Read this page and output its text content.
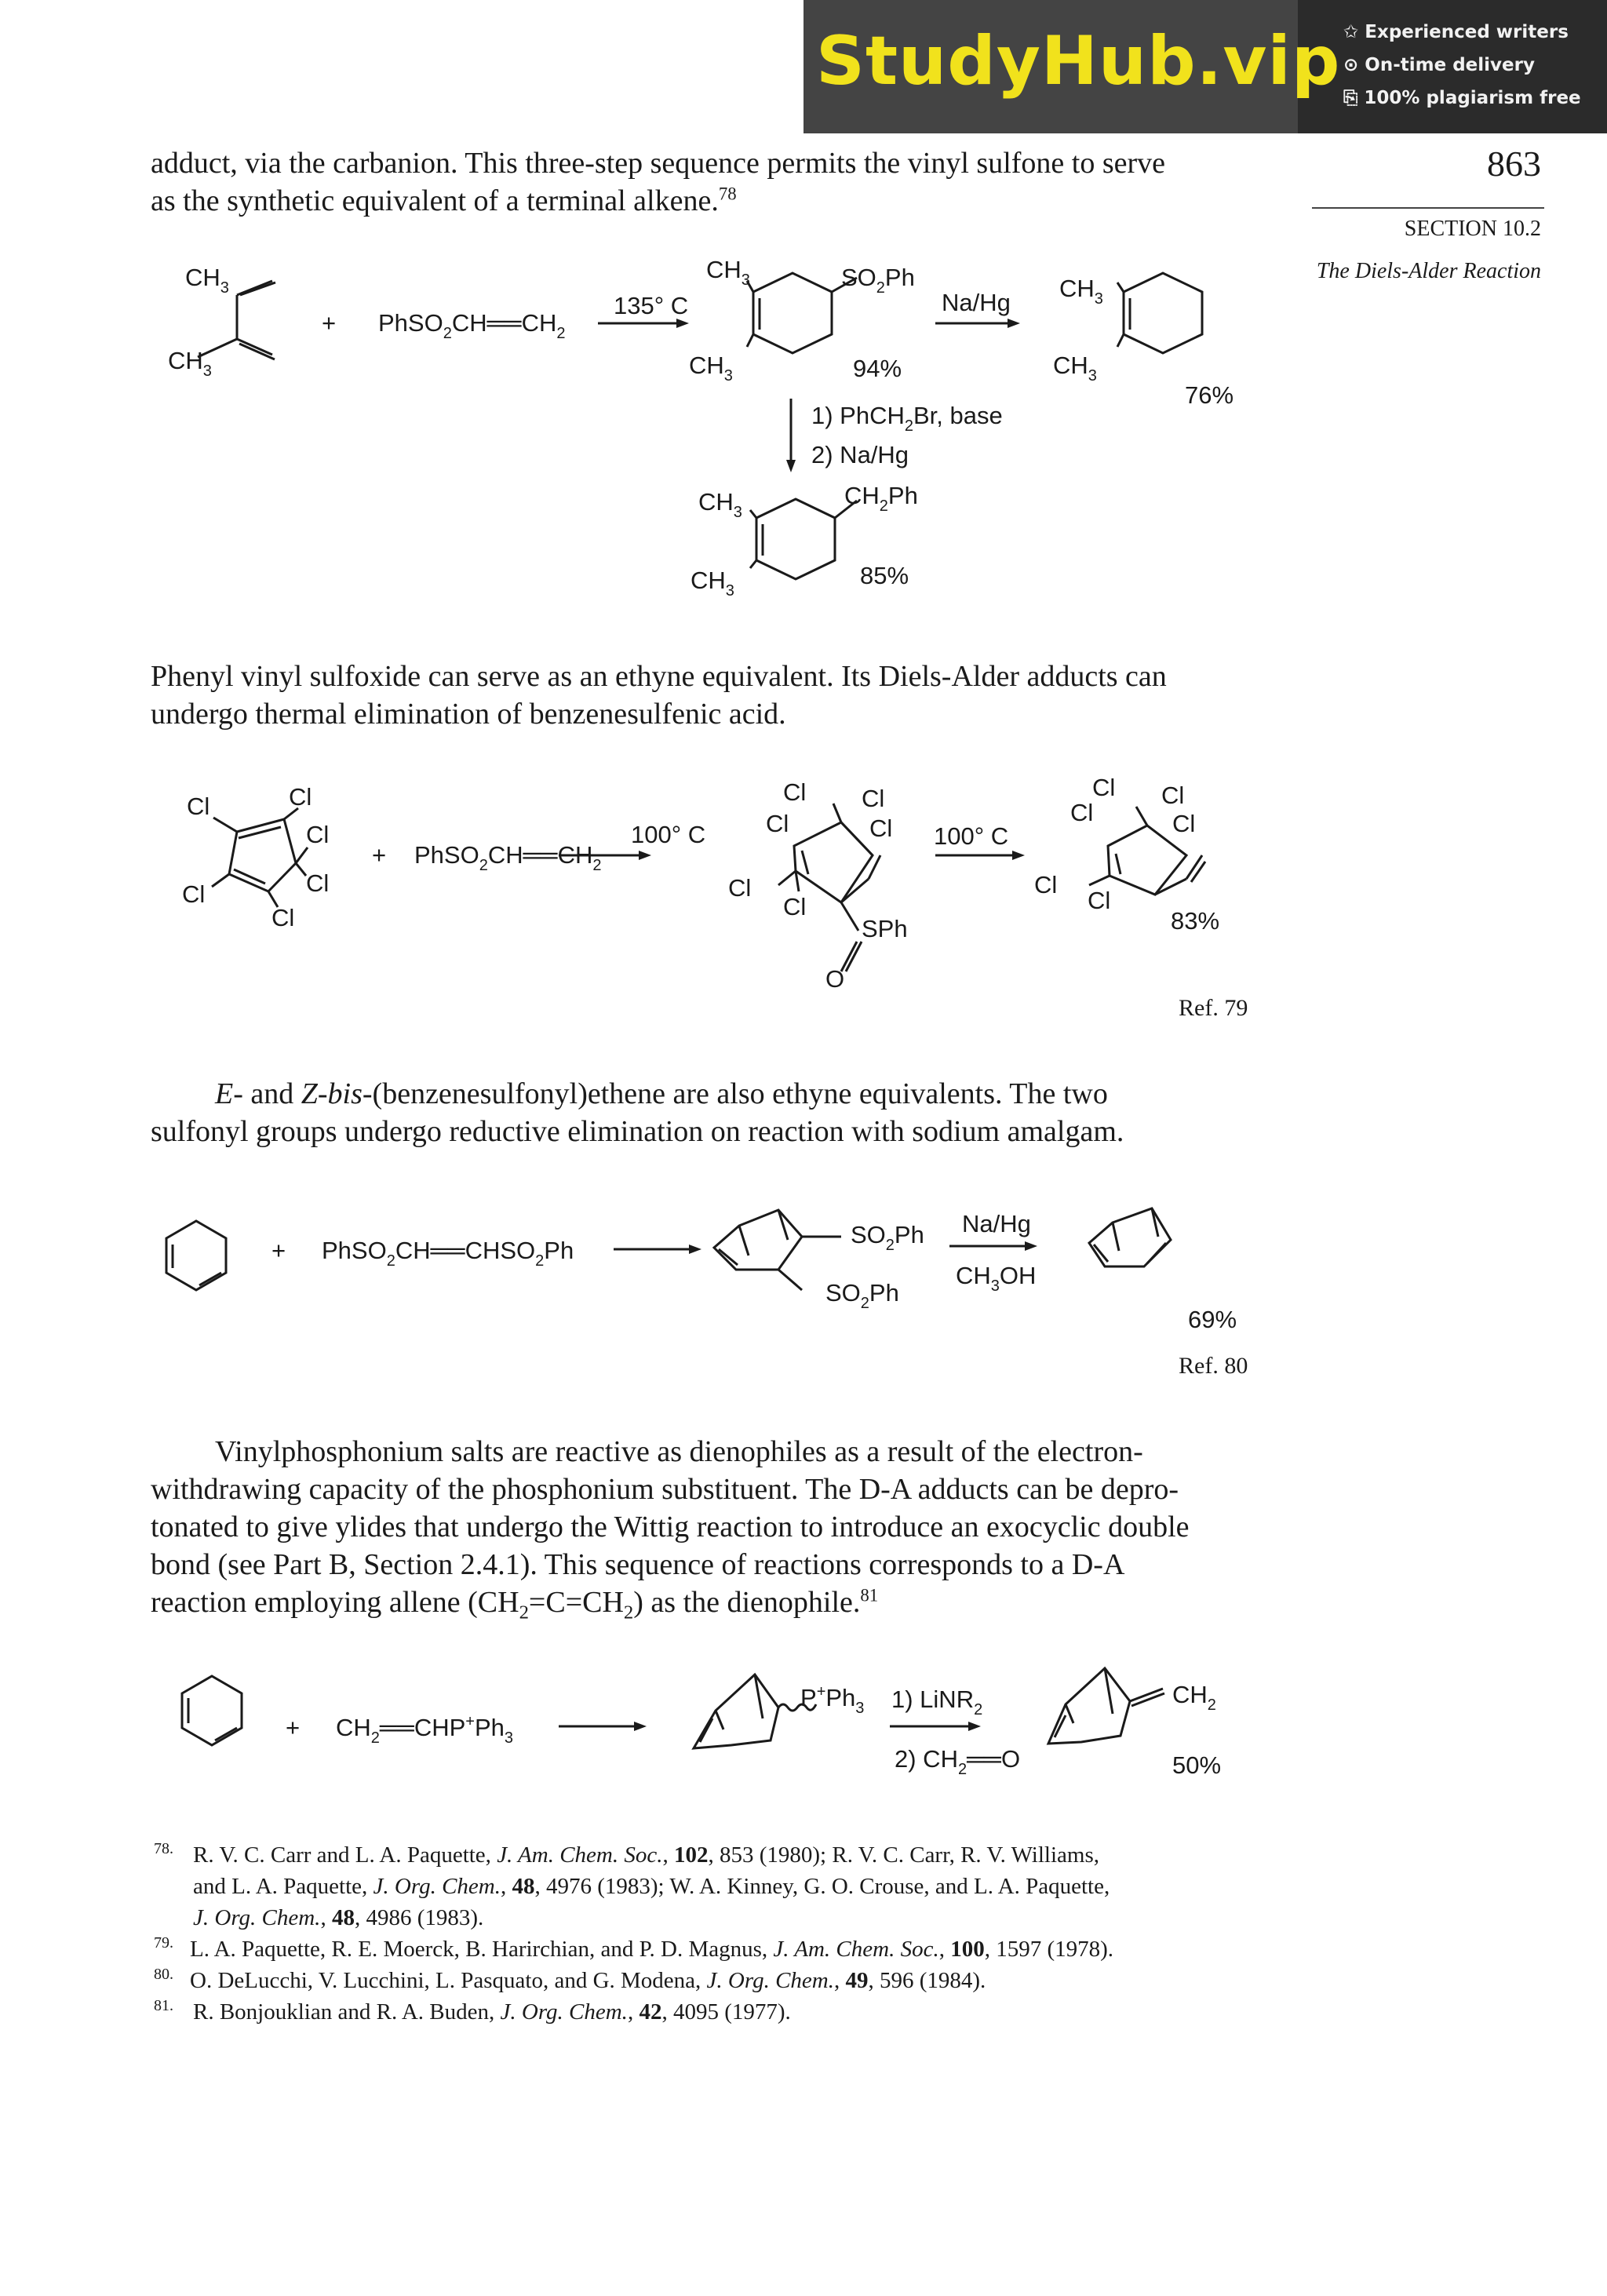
StudyHub.vip ✩ Experienced writers
⊙ On-time delivery
⎘ 100% plagiarism free
863
SECTION 10.2
The Diels-Alder Reaction
adduct, via the carbanion. This three-step sequence permits the vinyl sulfone to serve
as the synthetic equivalent of a terminal alkene.$^{78}$
$CH_3$
$CH_3$
+ $PhSO_2CH══CH_2$
135° C
$CH_3$
$CH_3$
$SO_2Ph$
94%
Na/Hg
$CH_3$
$CH_3$
76%
1) PhCH$_2$Br, base
2) Na/Hg
$CH_3$
$CH_3$
$CH_2Ph$
85%
Phenyl vinyl sulfoxide can serve as an ethyne equivalent. Its Diels-Alder adducts can
undergo thermal elimination of benzenesulfenic acid.
Cl	Cl
Cl
Cl
Cl
Cl
+ $PhSO_2CH══CH_2$
100° C
Cl Cl
Cl	Cl
Cl
Cl
SPh
O
100° C
Cl Cl
Cl	Cl
Cl
Cl
83%
Ref. 79
E- and Z-bis-(benzenesulfonyl)ethene are also ethyne equivalents. The two
sulfonyl groups undergo reductive elimination on reaction with sodium amalgam.
+ $PhSO_2CH══CHSO_2Ph$
$SO_2Ph$
$SO_2Ph$
Na/Hg
$CH_3OH$
69%
Ref. 80
Vinylphosphonium salts are reactive as dienophiles as a result of the electron-
withdrawing capacity of the phosphonium substituent. The D-A adducts can be depro-
tonated to give ylides that undergo the Wittig reaction to introduce an exocyclic double
bond (see Part B, Section 2.4.1). This sequence of reactions corresponds to a D-A
reaction employing allene $(CH_2=C=CH_2)$ as the dienophile.$^{81}$
+ $CH_2══CHP^+Ph_3$
$P^+Ph_3$ 1) LiNR$_2$
2) $CH_2══O$
$CH_2$
50%
78. R. V. C. Carr and L. A. Paquette, J. Am. Chem. Soc., 102, 853 (1980); R. V. C. Carr, R. V. Williams,
and L. A. Paquette, J. Org. Chem., 48, 4976 (1983); W. A. Kinney, G. O. Crouse, and L. A. Paquette,
J. Org. Chem., 48, 4986 (1983).
79. L. A. Paquette, R. E. Moerck, B. Harirchian, and P. D. Magnus, J. Am. Chem. Soc., 100, 1597 (1978).
80. O. DeLucchi, V. Lucchini, L. Pasquato, and G. Modena, J. Org. Chem., 49, 596 (1984).
81. R. Bonjouklian and R. A. Buden, J. Org. Chem., 42, 4095 (1977).
